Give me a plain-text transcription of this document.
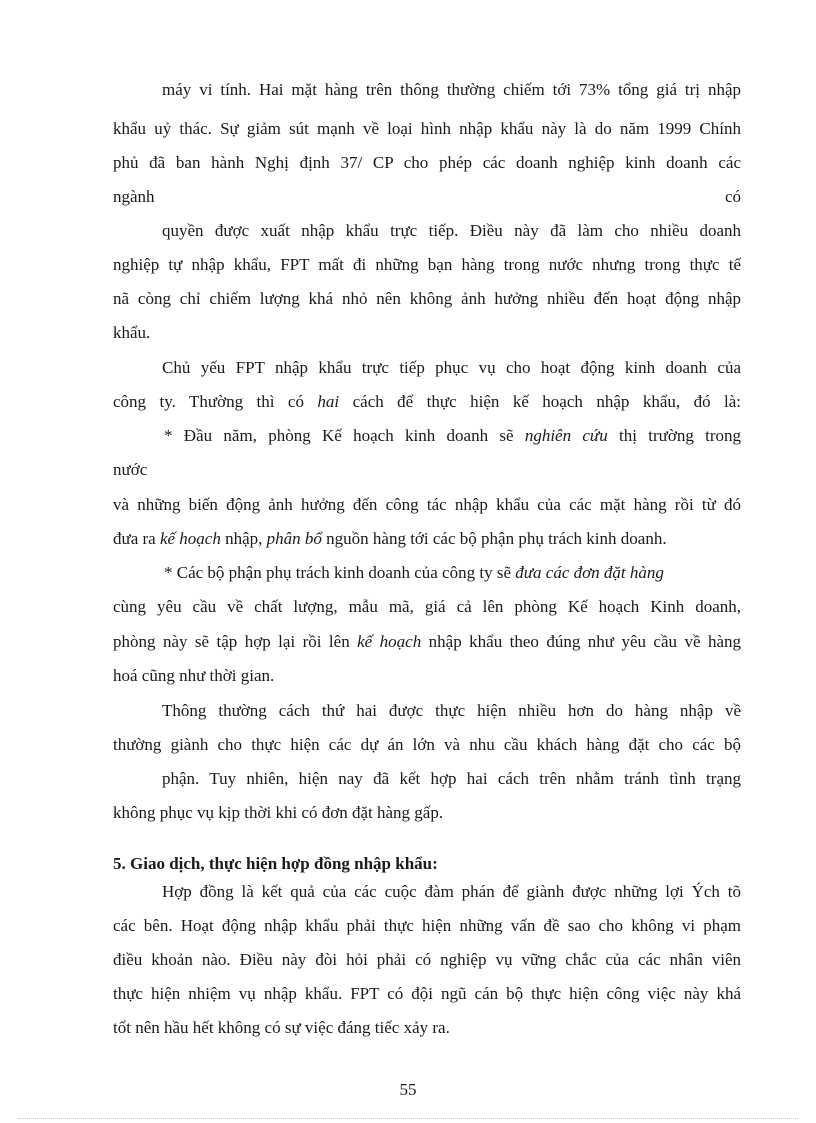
máy vi tính. Hai mặt hàng trên thông thường chiếm tới 73% tổng giá trị nhập
khẩu uỷ thác. Sự giảm sút mạnh về loại hình nhập khẩu này là do năm 1999 Chính
phủ đã ban hành Nghị định 37/ CP cho phép các doanh nghiệp kinh doanh các
ngành	có
quyền được xuất nhập khẩu trực tiếp. Điều này đã làm cho nhiều doanh
nghiệp tự nhập khẩu, FPT mất đi những bạn hàng trong nước nhưng trong thực tế
nã còng chỉ chiếm lượng khá nhỏ nên không ảnh hưởng nhiều đến hoạt động nhập
khẩu.
Chủ yếu FPT nhập khẩu trực tiếp phục vụ cho hoạt động kinh doanh của
công ty. Thường thì có hai cách để thực hiện kế hoạch nhập khẩu, đó là:
* Đầu năm, phòng Kế hoạch kinh doanh sẽ nghiên cứu thị trường trong
nước
và những biến động ảnh hưởng đến công tác nhập khẩu của các mặt hàng rồi từ đó
đưa ra kế hoạch nhập, phân bổ nguồn hàng tới các bộ phận phụ trách kinh doanh.
* Các bộ phận phụ trách kinh doanh của công ty sẽ đưa các đơn đặt hàng
cùng yêu cầu về chất lượng, mẫu mã, giá cả lên phòng Kế hoạch Kinh doanh,
phòng này sẽ tập hợp lại rồi lên kế hoạch nhập khẩu theo đúng như yêu cầu về hàng
hoá cũng như thời gian.
Thông thường cách thứ hai được thực hiện nhiều hơn do hàng nhập về
thường giành cho thực hiện các dự án lớn và nhu cầu khách hàng đặt cho các bộ
phận. Tuy nhiên, hiện nay đã kết hợp hai cách trên nhằm tránh tình trạng
không phục vụ kịp thời khi có đơn đặt hàng gấp.
5. Giao dịch, thực hiện hợp đồng nhập khẩu:
Hợp đồng là kết quả của các cuộc đàm phán để giành được những lợi Ých tõ
các bên. Hoạt động nhập khẩu phải thực hiện những vấn đề sao cho không vi phạm
điều khoản nào. Điều này đòi hỏi phải có nghiệp vụ vững chắc của các nhân viên
thực hiện nhiệm vụ nhập khẩu. FPT có đội ngũ cán bộ thực hiện công việc này khá
tốt nên hầu hết không có sự việc đáng tiếc xảy ra.
55
